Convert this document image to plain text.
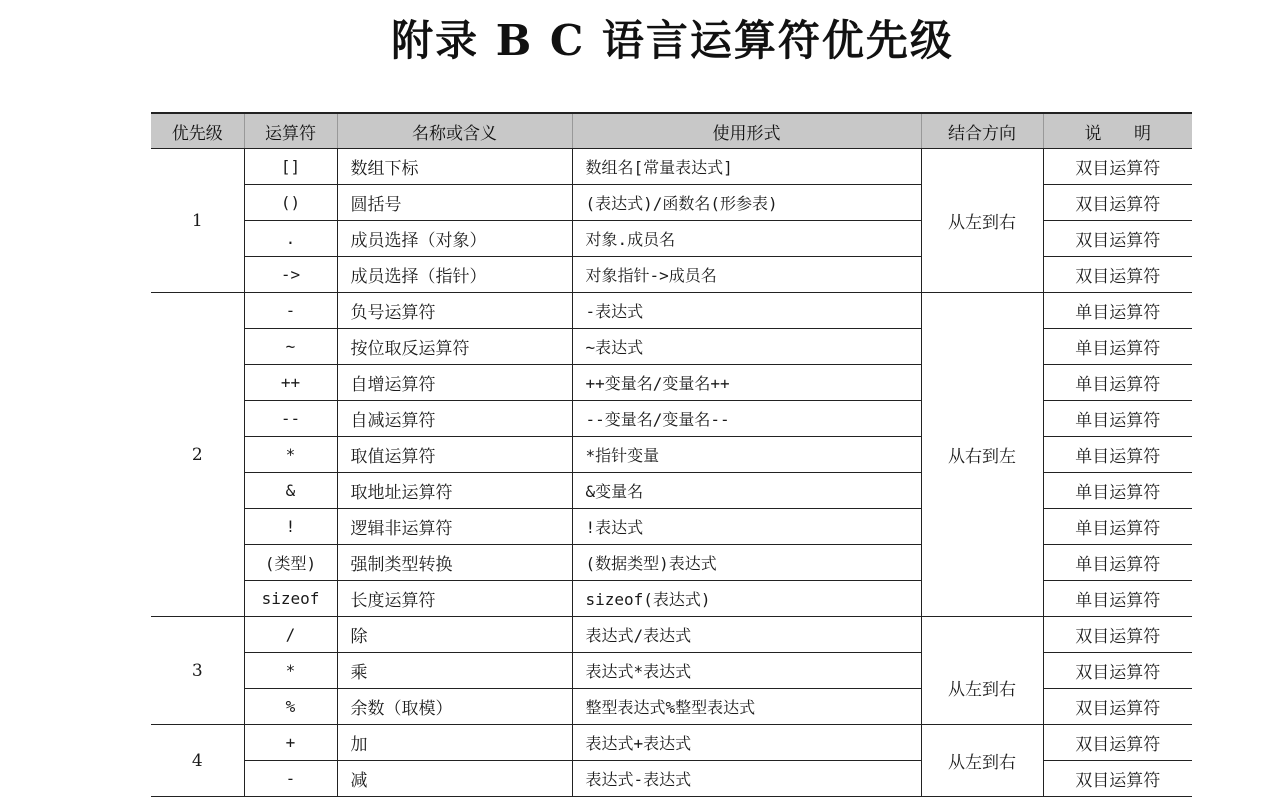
附录 B C 语言运算符优先级
优先级	运算符	名称或含义	使用形式	结合方向	说      明
1	[]	数组下标	数组名[常量表达式]	从左到右	双目运算符
	()	圆括号	(表达式)/函数名(形参表)		双目运算符
	.	成员选择（对象）	对象.成员名		双目运算符
	->	成员选择（指针）	对象指针->成员名		双目运算符
2	-	负号运算符	-表达式	从右到左	单目运算符
	~	按位取反运算符	~表达式		单目运算符
	++	自增运算符	++变量名/变量名++		单目运算符
	--	自减运算符	--变量名/变量名--		单目运算符
	*	取值运算符	*指针变量		单目运算符
	&	取地址运算符	&变量名		单目运算符
	!	逻辑非运算符	!表达式		单目运算符
	(类型)	强制类型转换	(数据类型)表达式		单目运算符
	sizeof	长度运算符	sizeof(表达式)		单目运算符
3	/	除	表达式/表达式	从左到右	双目运算符
	*	乘	表达式*表达式		双目运算符
	%	余数（取模）	整型表达式%整型表达式		双目运算符
4	+	加	表达式+表达式	从左到右	双目运算符
	-	减	表达式-表达式		双目运算符
